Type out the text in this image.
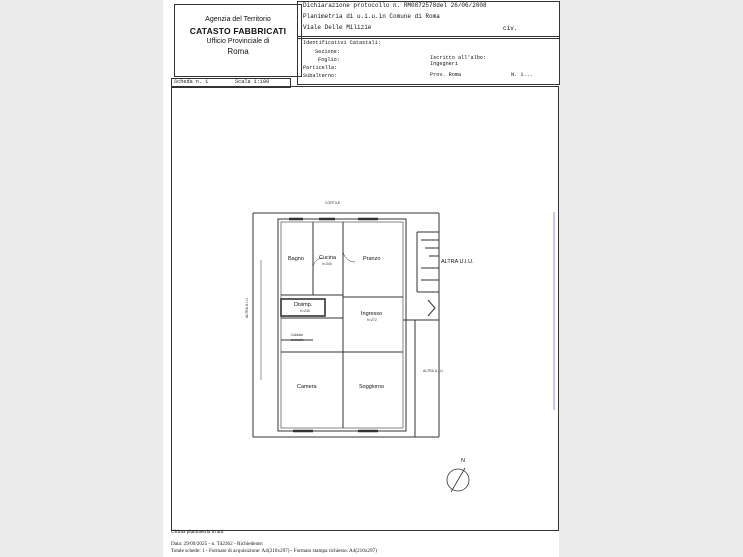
Agenzia del Territorio
CATASTO FABBRICATI
Ufficio Provinciale di
Roma
Dichiarazione protocollo n. RM0872578del 26/06/2008
Planimetria di u.i.u.in Comune di Roma
Viale Delle Milizie	civ.
Identificativi Catastali:
Sezione:
Foglio:
Particella:
Subalterno:
Iscritto all'albo:
Ingegneri
Prov. Roma	N. 1...
Scheda n. 1	Scala 1:100
CORTILE
Bagno	Cucina
h=240
Pranzo
Disimp.
h=240	Ingresso
h=272
Caldaia
armadio
Camera	Soggiorno
ALTRA U.I.U.
ALTRA U.I.U.
ALTRA U.I.U.
N
Ultima planimetria in atti
Data: 29/09/2025 - n. T42362 - Richiedente:
Totale schede: 1 - Formato di acquisizione: A4(210x297) - Formato stampa richiesto: A4(210x297)
